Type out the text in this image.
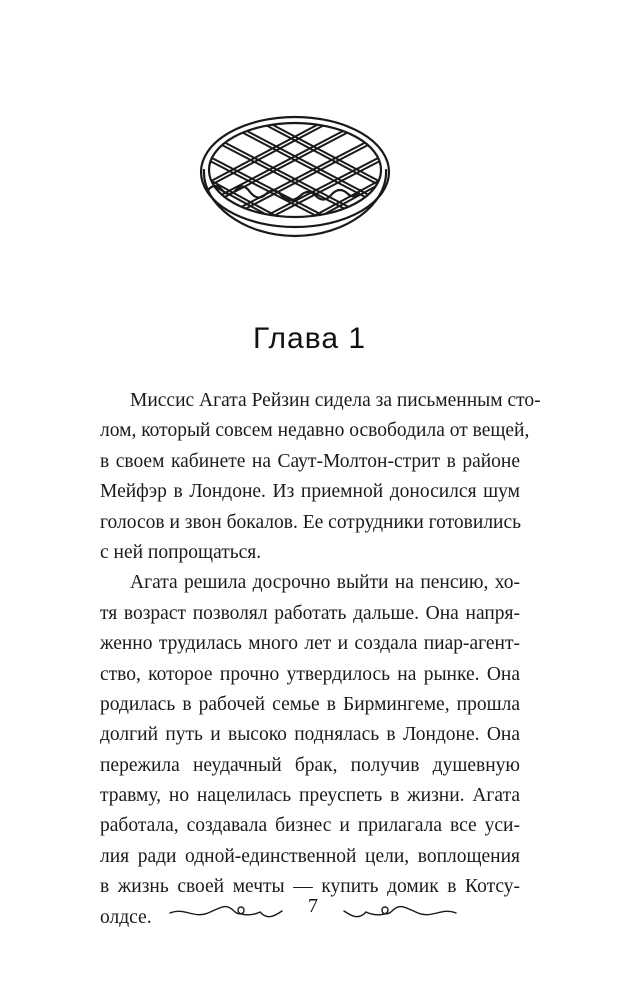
Глава 1

Миссис Агата Рейзин сидела за письменным сто-
лом, который совсем недавно освободила от вещей,
в своем кабинете на Саут-Молтон-стрит в районе
Мейфэр в Лондоне. Из приемной доносился шум
голосов и звон бокалов. Ее сотрудники готовились
с ней попрощаться.

Агата решила досрочно выйти на пенсию, хо-
тя возраст позволял работать дальше. Она напря-
женно трудилась много лет и создала пиар-агент-
ство, которое прочно утвердилось на рынке. Она
родилась в рабочей семье в Бирмингеме, прошла
долгий путь и высоко поднялась в Лондоне. Она
пережила неудачный брак, получив душевную
травму, но нацелилась преуспеть в жизни. Агата
работала, создавала бизнес и прилагала все уси-
лия ради одной-единственной цели, воплощения
в жизнь своей мечты — купить домик в Котсу-
олдсе.

7
